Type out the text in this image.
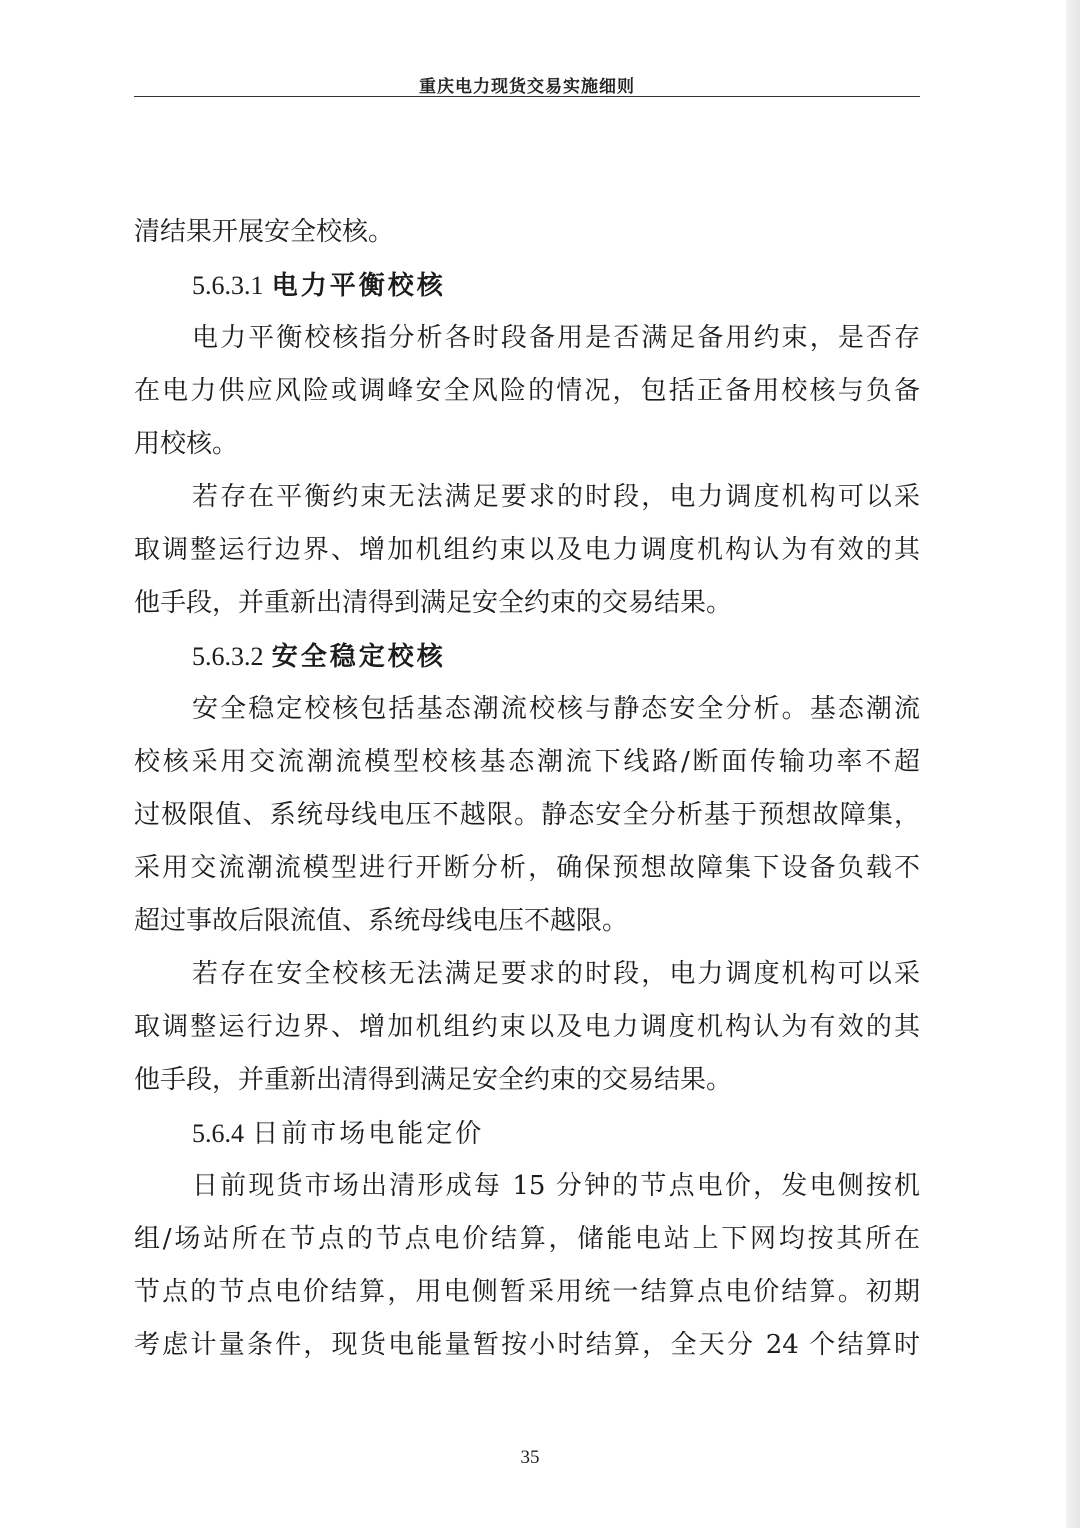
重庆电力现货交易实施细则
清结果开展安全校核。
5.6.3.1 电力平衡校核
电力平衡校核指分析各时段备用是否满足备用约束，是否存
在电力供应风险或调峰安全风险的情况，包括正备用校核与负备
用校核。
若存在平衡约束无法满足要求的时段，电力调度机构可以采
取调整运行边界、增加机组约束以及电力调度机构认为有效的其
他手段，并重新出清得到满足安全约束的交易结果。
5.6.3.2 安全稳定校核
安全稳定校核包括基态潮流校核与静态安全分析。基态潮流
校核采用交流潮流模型校核基态潮流下线路/断面传输功率不超
过极限值、系统母线电压不越限。静态安全分析基于预想故障集，
采用交流潮流模型进行开断分析，确保预想故障集下设备负载不
超过事故后限流值、系统母线电压不越限。
若存在安全校核无法满足要求的时段，电力调度机构可以采
取调整运行边界、增加机组约束以及电力调度机构认为有效的其
他手段，并重新出清得到满足安全约束的交易结果。
5.6.4 日前市场电能定价
日前现货市场出清形成每 15 分钟的节点电价，发电侧按机
组/场站所在节点的节点电价结算，储能电站上下网均按其所在
节点的节点电价结算，用电侧暂采用统一结算点电价结算。初期
考虑计量条件，现货电能量暂按小时结算，全天分 24 个结算时
35
